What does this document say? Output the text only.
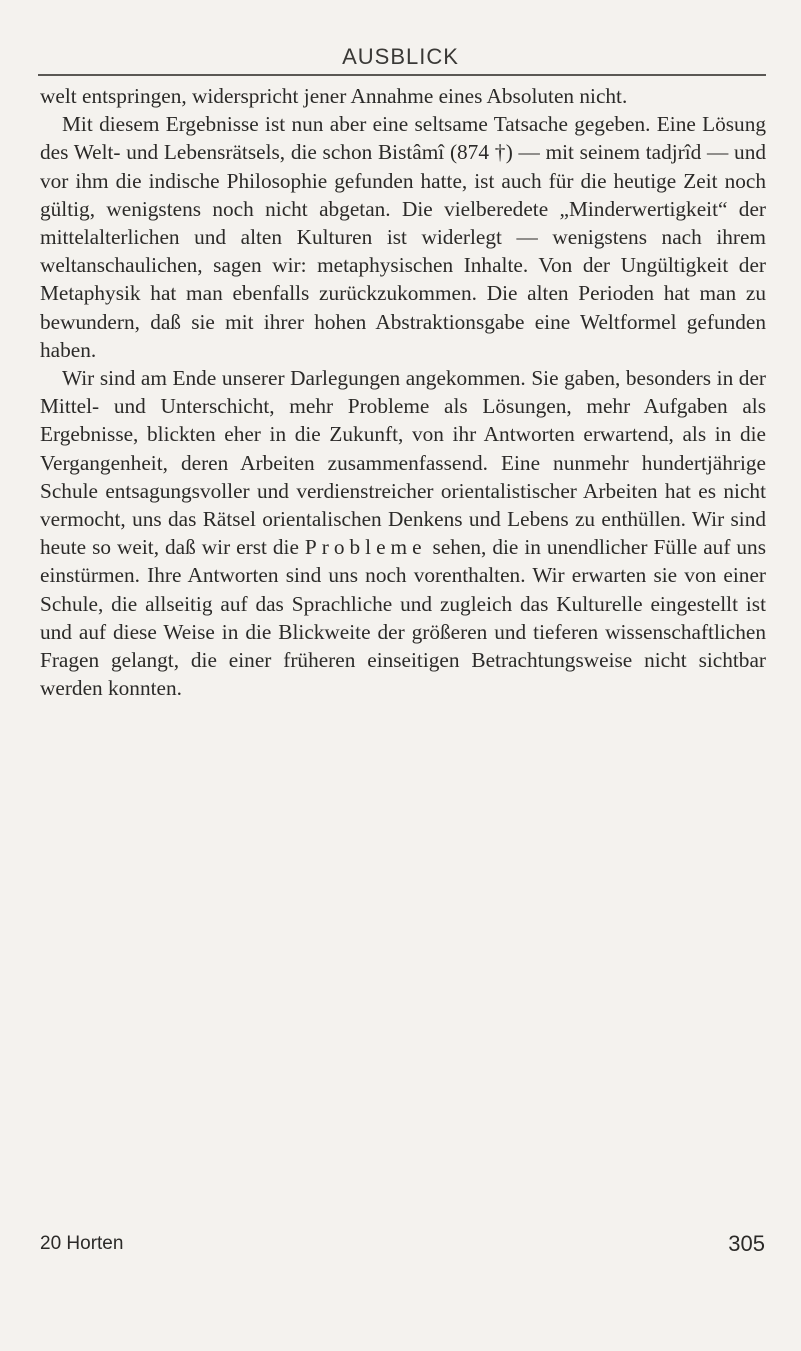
AUSBLICK

welt entspringen, widerspricht jener Annahme eines Absoluten nicht.

Mit diesem Ergebnisse ist nun aber eine seltsame Tatsache gegeben. Eine Lösung des Welt- und Lebensrätsels, die schon Bistâmî (874 †) — mit seinem tadjrîd — und vor ihm die indische Philosophie gefunden hatte, ist auch für die heutige Zeit noch gültig, wenigstens noch nicht abgetan. Die vielberedete „Minderwertigkeit“ der mittelalterlichen und alten Kulturen ist widerlegt — wenigstens nach ihrem weltanschaulichen, sagen wir: metaphysischen Inhalte. Von der Ungültigkeit der Metaphysik hat man ebenfalls zurückzukommen. Die alten Perioden hat man zu bewundern, daß sie mit ihrer hohen Abstraktionsgabe eine Weltformel gefunden haben.

Wir sind am Ende unserer Darlegungen angekommen. Sie gaben, besonders in der Mittel- und Unterschicht, mehr Probleme als Lösungen, mehr Aufgaben als Ergebnisse, blickten eher in die Zukunft, von ihr Antworten erwartend, als in die Vergangenheit, deren Arbeiten zusammenfassend. Eine nunmehr hundertjährige Schule entsagungsvoller und verdienstreicher orientalistischer Arbeiten hat es nicht vermocht, uns das Rätsel orientalischen Denkens und Lebens zu enthüllen. Wir sind heute so weit, daß wir erst die Probleme sehen, die in unendlicher Fülle auf uns einstürmen. Ihre Antworten sind uns noch vorenthalten. Wir erwarten sie von einer Schule, die allseitig auf das Sprachliche und zugleich das Kulturelle eingestellt ist und auf diese Weise in die Blickweite der größeren und tieferen wissenschaftlichen Fragen gelangt, die einer früheren einseitigen Betrachtungsweise nicht sichtbar werden konnten.

20 Horten	305
